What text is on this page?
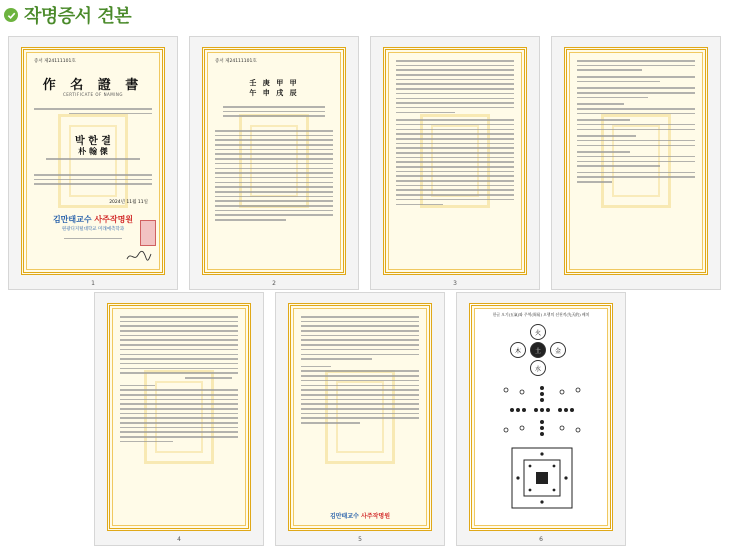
작명증서 견본
증서 제24111101호
作 名 證 書
CERTIFICATE OF NAMING
박 한 결
朴 翰 傑
2024년 11월 11일
김만태교수 사주작명원
원광디지털대학교 미래예측학과
1
증서 제24111101호
壬 庚 甲 甲
午 申 戌 辰
2	3
4
김만태교수 사주작명원
5
한글 오기(五氣)와 주역(周易) 오행의 선천적(先天的) 배치
火
木	金
土
水
6
